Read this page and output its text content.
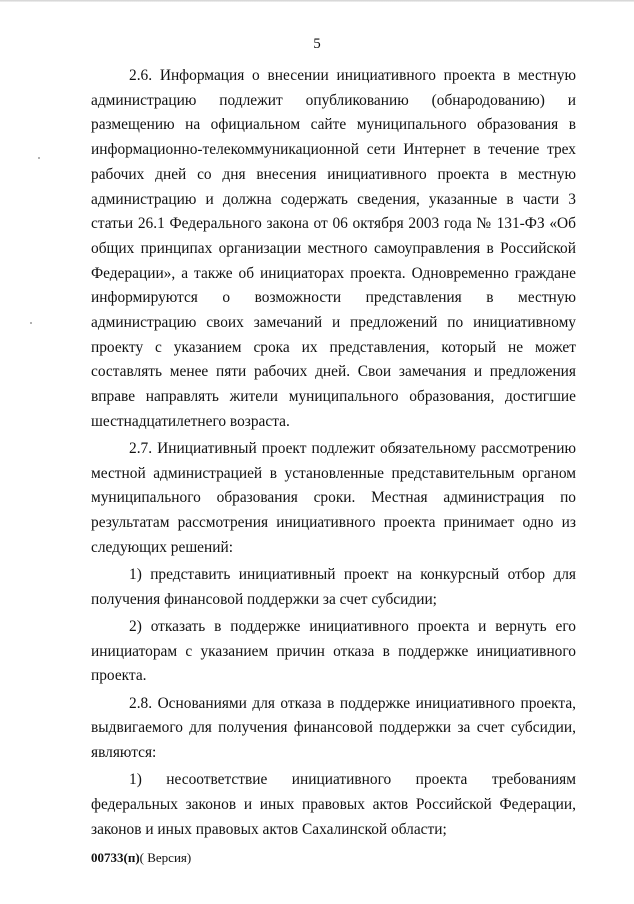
5

2.6. Информация о внесении инициативного проекта в местную администрацию подлежит опубликованию (обнародованию) и размещению на официальном сайте муниципального образования в информационно-телекоммуникационной сети Интернет в течение трех рабочих дней со дня внесения инициативного проекта в местную администрацию и должна содержать сведения, указанные в части 3 статьи 26.1 Федерального закона от 06 октября 2003 года № 131-ФЗ «Об общих принципах организации местного самоуправления в Российской Федерации», а также об инициаторах проекта. Одновременно граждане информируются о возможности представления в местную администрацию своих замечаний и предложений по инициативному проекту с указанием срока их представления, который не может составлять менее пяти рабочих дней. Свои замечания и предложения вправе направлять жители муниципального образования, достигшие шестнадцатилетнего возраста.

2.7. Инициативный проект подлежит обязательному рассмотрению местной администрацией в установленные представительным органом муниципального образования сроки. Местная администрация по результатам рассмотрения инициативного проекта принимает одно из следующих решений:

1) представить инициативный проект на конкурсный отбор для получения финансовой поддержки за счет субсидии;

2) отказать в поддержке инициативного проекта и вернуть его инициаторам с указанием причин отказа в поддержке инициативного проекта.

2.8. Основаниями для отказа в поддержке инициативного проекта, выдвигаемого для получения финансовой поддержки за счет субсидии, являются:

1) несоответствие инициативного проекта требованиям федеральных законов и иных правовых актов Российской Федерации, законов и иных правовых актов Сахалинской области;

00733(п)( Версия)
